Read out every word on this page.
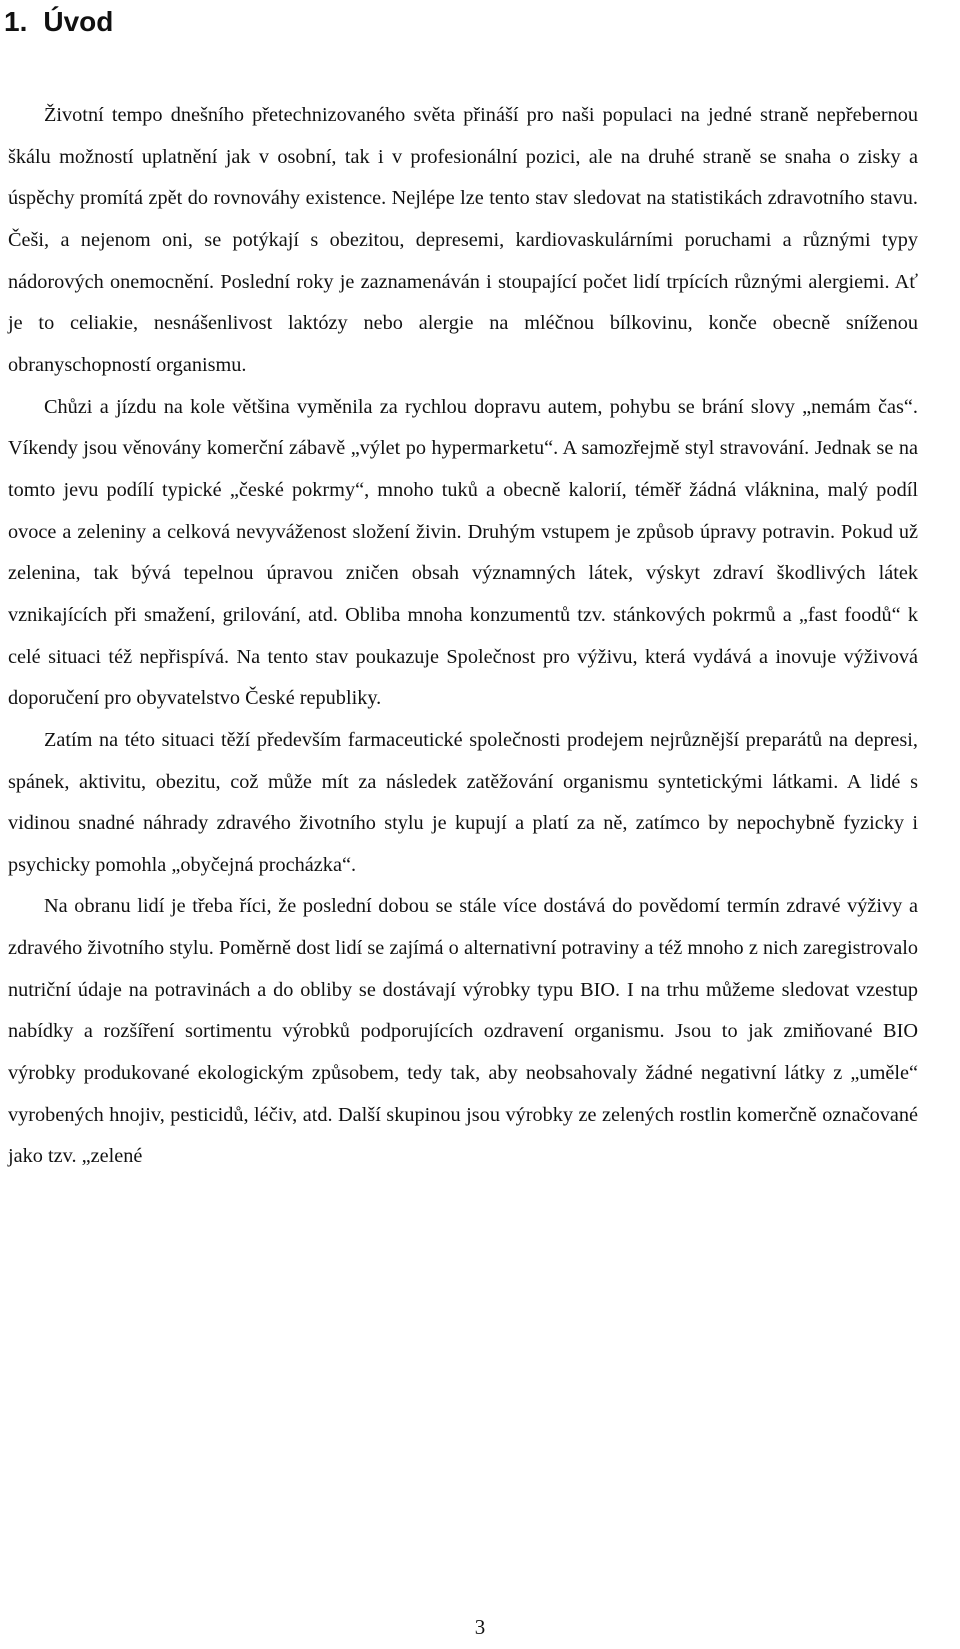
1. Úvod

Životní tempo dnešního přetechnizovaného světa přináší pro naši populaci na jedné straně nepřebernou škálu možností uplatnění jak v osobní, tak i v profesionální pozici, ale na druhé straně se snaha o zisky a úspěchy promítá zpět do rovnováhy existence. Nejlépe lze tento stav sledovat na statistikách zdravotního stavu. Češi, a nejenom oni, se potýkají s obezitou, depresemi, kardiovaskulárními poruchami a různými typy nádorových onemocnění. Poslední roky je zaznamenáván i stoupající počet lidí trpících různými alergiemi. Ať je to celiakie, nesnášenlivost laktózy nebo alergie na mléčnou bílkovinu, konče obecně sníženou obranyschopností organismu.

Chůzi a jízdu na kole většina vyměnila za rychlou dopravu autem, pohybu se brání slovy „nemám čas“. Víkendy jsou věnovány komerční zábavě „výlet po hypermarketu“. A samozřejmě styl stravování. Jednak se na tomto jevu podílí typické „české pokrmy“, mnoho tuků a obecně kalorií, téměř žádná vláknina, malý podíl ovoce a zeleniny a celková nevyváženost složení živin. Druhým vstupem je způsob úpravy potravin. Pokud už zelenina, tak bývá tepelnou úpravou zničen obsah významných látek, výskyt zdraví škodlivých látek vznikajících při smažení, grilování, atd. Obliba mnoha konzumentů tzv. stánkových pokrmů a „fast foodů“ k celé situaci též nepřispívá. Na tento stav poukazuje Společnost pro výživu, která vydává a inovuje výživová doporučení pro obyvatelstvo České republiky.

Zatím na této situaci těží především farmaceutické společnosti prodejem nejrůznější preparátů na depresi, spánek, aktivitu, obezitu, což může mít za následek zatěžování organismu syntetickými látkami. A lidé s vidinou snadné náhrady zdravého životního stylu je kupují a platí za ně, zatímco by nepochybně fyzicky i psychicky pomohla „obyčejná procházka“.

Na obranu lidí je třeba říci, že poslední dobou se stále více dostává do povědomí termín zdravé výživy a zdravého životního stylu. Poměrně dost lidí se zajímá o alternativní potraviny a též mnoho z nich zaregistrovalo nutriční údaje na potravinách a do obliby se dostávají výrobky typu BIO. I na trhu můžeme sledovat vzestup nabídky a rozšíření sortimentu výrobků podporujících ozdravení organismu. Jsou to jak zmiňované BIO výrobky produkované ekologickým způsobem, tedy tak, aby neobsahovaly žádné negativní látky z „uměle“ vyrobených hnojiv, pesticidů, léčiv, atd. Další skupinou jsou výrobky ze zelených rostlin komerčně označované jako tzv. „zelené

3
